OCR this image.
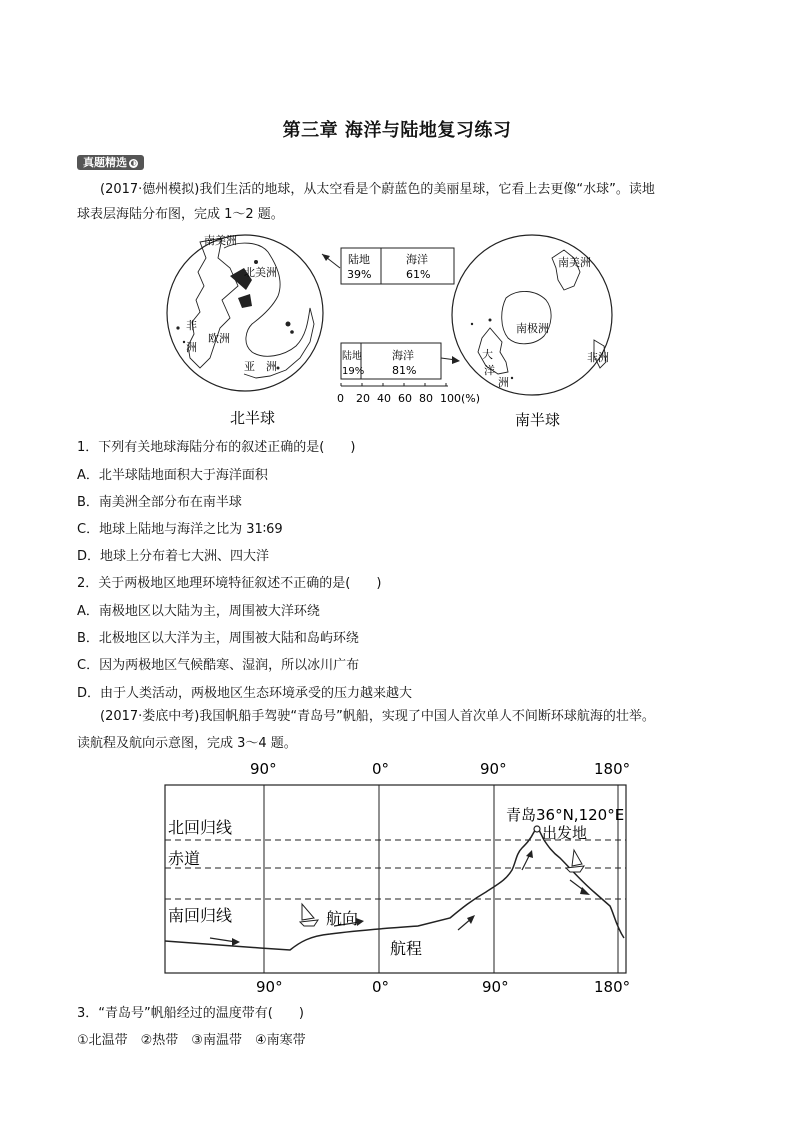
第三章 海洋与陆地复习练习
真题精选 ◐
(2017·德州模拟)我们生活的地球，从太空看是个蔚蓝色的美丽星球，它看上去更像“水球”。读地
球表层海陆分布图，完成 1～2 题。
南美洲
北美洲
非
洲
欧洲
亚 洲
北半球
陆地
39%
海洋
61%
陆地
19%
海洋
81%
0 20 40 60 80 100(%)
南美洲
南极洲
非洲
大
洋
洲
南半球
1．下列有关地球海陆分布的叙述正确的是(　　)
A．北半球陆地面积大于海洋面积
B．南美洲全部分布在南半球
C．地球上陆地与海洋之比为 31∶69
D．地球上分布着七大洲、四大洋
2．关于两极地区地理环境特征叙述不正确的是(　　)
A．南极地区以大陆为主，周围被大洋环绕
B．北极地区以大洋为主，周围被大陆和岛屿环绕
C．因为两极地区气候酷寒、湿润，所以冰川广布
D．由于人类活动，两极地区生态环境承受的压力越来越大
(2017·娄底中考)我国帆船手驾驶“青岛号”帆船，实现了中国人首次单人不间断环球航海的壮举。
读航程及航向示意图，完成 3～4 题。
90°	0°	90°	180°
北回归线
赤道
南回归线
青岛36°N,120°E
出发地
航向
航程
90°	0°	90°	180°
3．“青岛号”帆船经过的温度带有(　　)
①北温带　②热带　③南温带　④南寒带
